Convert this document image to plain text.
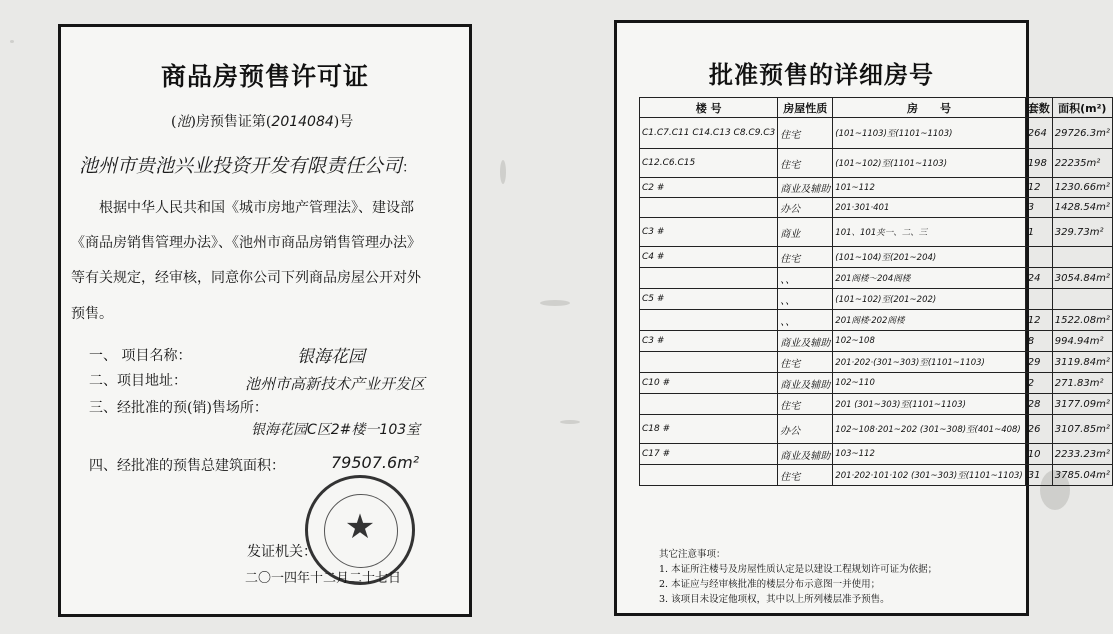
商品房预售许可证
(池)房预售证第(2014084)号
池州市贵池兴业投资开发有限责任公司：
根据中华人民共和国《城市房地产管理法》、建设部
《商品房销售管理办法》、《池州市商品房销售管理办法》
等有关规定，经审核，同意你公司下列商品房屋公开对外
预售。
一、 项目名称：	银海花园
二、项目地址：	池州市高新技术产业开发区
三、经批准的预(销)售场所：
银海花园C区2#楼一103室
四、经批准的预售总建筑面积：	79507.6m²
★
发证机关：
二〇一四年十二月二十七日
批准预售的详细房号
楼 号	房屋性质	房　　号	套数	面积(m²)
C1.C7.C11 C14.C13 C8.C9.C3	住宅	(101~1103)至(1101~1103)	264	29726.3m²
C12.C6.C15	住宅	(101~102)至(1101~1103)	198	22235m²
C2 #	商业及辅助	101~112	12	1230.66m²
	办公	201·301·401	3	1428.54m²
C3 #	商业	101、101夹一、二、三	1	329.73m²
C4 #	住宅	(101~104)至(201~204)		
	、、	201阁楼～204阁楼	24	3054.84m²
C5 #	、、	(101~102)至(201~202)		
	、、	201阁楼·202阁楼	12	1522.08m²
C3 #	商业及辅助	102~108	8	994.94m²
	住宅	201·202·(301~303)至(1101~1103)	29	3119.84m²
C10 #	商业及辅助	102~110	2	271.83m²
	住宅	201 (301~303)至(1101~1103)	28	3177.09m²
C18 #	办公	102~108·201~202 (301~308)至(401~408)	26	3107.85m²
C17 #	商业及辅助	103~112	10	2233.23m²
	住宅	201·202·101·102 (301~303)至(1101~1103)	31	3785.04m²
其它注意事项：
1. 本证所注楼号及房屋性质认定是以建设工程规划许可证为依据；
2. 本证应与经审核批准的楼层分布示意图一并使用；
3. 该项目未设定他项权，其中以上所列楼层准予预售。
